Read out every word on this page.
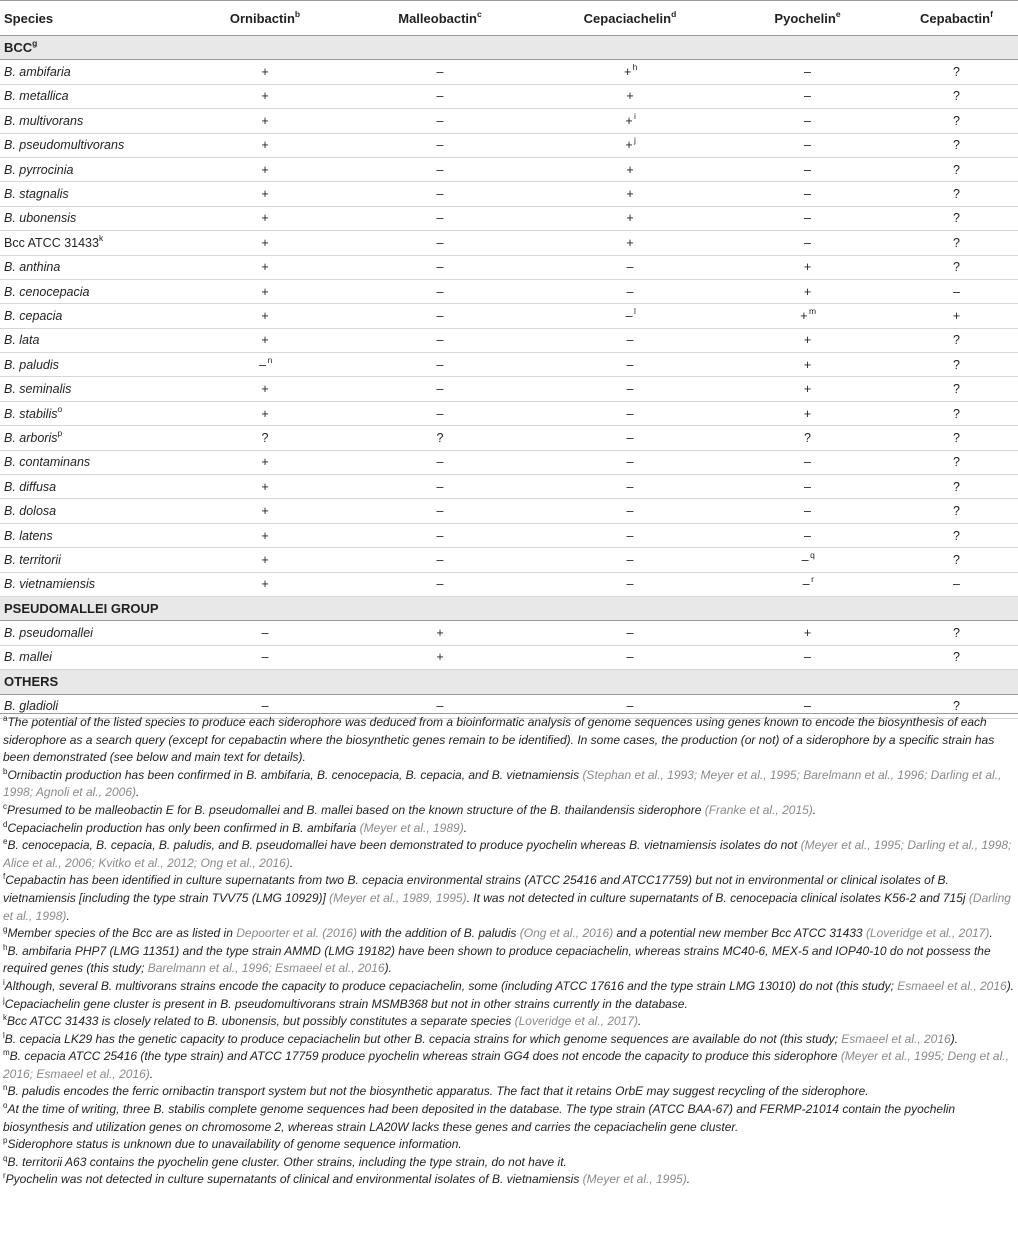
Species	Ornibactin$^b$	Malleobactin$^c$	Cepaciachelin$^d$	Pyochelin$^e$	Cepabactin$^f$
BCC$^g$
B. ambifaria	+	–	+$^h$	–	?
B. metallica	+	–	+	–	?
B. multivorans	+	–	+$^i$	–	?
B. pseudomultivorans	+	–	+$^j$	–	?
B. pyrrocinia	+	–	+	–	?
B. stagnalis	+	–	+	–	?
B. ubonensis	+	–	+	–	?
Bcc ATCC $31433^k$	+	–	+	–	?
B. anthina	+	–	–	+	?
B. cenocepacia	+	–	–	+	–
B. cepacia	+	–	– $^l$	+$^m$	+
B. lata	+	–	–	+	?
B. paludis	– $^n$	–	–	+	?
B. seminalis	+	–	–	+	?
B. stabilis$^o$	+	–	–	+	?
B. arboris$^p$	?	?	–	?	?
B. contaminans	+	–	–	–	?
B. diffusa	+	–	–	–	?
B. dolosa	+	–	–	–	?
B. latens	+	–	–	–	?
B. territorii	+	–	–	– $^q$	?
B. vietnamiensis	+	–	–	– $^r$	–
PSEUDOMALLEI GROUP					
B. pseudomallei	–	+	–	+	?
B. mallei	–	+	–	–	?
OTHERS					
B. gladioli	–	–	–	–	?

$^a$The potential of the listed species to produce each siderophore was deduced from a bioinformatic analysis of genome sequences using genes known to encode the biosynthesis of each siderophore as a search query (except for cepabactin where the biosynthetic genes remain to be identified). In some cases, the production (or not) of a siderophore by a specific strain has been demonstrated (see below and main text for details).

$^b$Ornibactin production has been confirmed in B. ambifaria, B. cenocepacia, B. cepacia, and B. vietnamiensis (Stephan et al., 1993; Meyer et al., 1995; Barelmann et al., 1996; Darling et al., 1998; Agnoli et al., 2006).

$^c$Presumed to be malleobactin E for B. pseudomallei and B. mallei based on the known structure of the B. thailandensis siderophore (Franke et al., 2015).

$^d$Cepaciachelin production has only been confirmed in B. ambifaria (Meyer et al., 1989).

$^e$B. cenocepacia, B. cepacia, B. paludis, and B. pseudomallei have been demonstrated to produce pyochelin whereas B. vietnamiensis isolates do not (Meyer et al., 1995; Darling et al., 1998; Alice et al., 2006; Kvitko et al., 2012; Ong et al., 2016).

$^f$Cepabactin has been identified in culture supernatants from two B. cepacia environmental strains (ATCC 25416 and ATCC17759) but not in environmental or clinical isolates of B. vietnamiensis [including the type strain TVV75 (LMG 10929)] (Meyer et al., 1989, 1995). It was not detected in culture supernatants of B. cenocepacia clinical isolates K56-2 and 715j (Darling et al., 1998).

$^g$Member species of the Bcc are as listed in Depoorter et al. (2016) with the addition of B. paludis (Ong et al., 2016) and a potential new member Bcc ATCC 31433 (Loveridge et al., 2017).

$^h$B. ambifaria PHP7 (LMG 11351) and the type strain AMMD (LMG 19182) have been shown to produce cepaciachelin, whereas strains MC40-6, MEX-5 and IOP40-10 do not possess the required genes (this study; Barelmann et al., 1996; Esmaeel et al., 2016).

$^i$Although, several B. multivorans strains encode the capacity to produce cepaciachelin, some (including ATCC 17616 and the type strain LMG 13010) do not (this study; Esmaeel et al., 2016).

$^j$Cepaciachelin gene cluster is present in B. pseudomultivorans strain MSMB368 but not in other strains currently in the database.

$^k$Bcc ATCC 31433 is closely related to B. ubonensis, but possibly constitutes a separate species (Loveridge et al., 2017).

$^l$B. cepacia LK29 has the genetic capacity to produce cepaciachelin but other B. cepacia strains for which genome sequences are available do not (this study; Esmaeel et al., 2016).

$^m$B. cepacia ATCC 25416 (the type strain) and ATCC 17759 produce pyochelin whereas strain GG4 does not encode the capacity to produce this siderophore (Meyer et al., 1995; Deng et al., 2016; Esmaeel et al., 2016).

$^n$B. paludis encodes the ferric ornibactin transport system but not the biosynthetic apparatus. The fact that it retains OrbE may suggest recycling of the siderophore.

$^o$At the time of writing, three B. stabilis complete genome sequences had been deposited in the database. The type strain (ATCC BAA-67) and FERMP-21014 contain the pyochelin biosynthesis and utilization genes on chromosome 2, whereas strain LA20W lacks these genes and carries the cepaciachelin gene cluster.

$^p$Siderophore status is unknown due to unavailability of genome sequence information.

$^q$B. territorii A63 contains the pyochelin gene cluster. Other strains, including the type strain, do not have it.

$^r$Pyochelin was not detected in culture supernatants of clinical and environmental isolates of B. vietnamiensis (Meyer et al., 1995).
